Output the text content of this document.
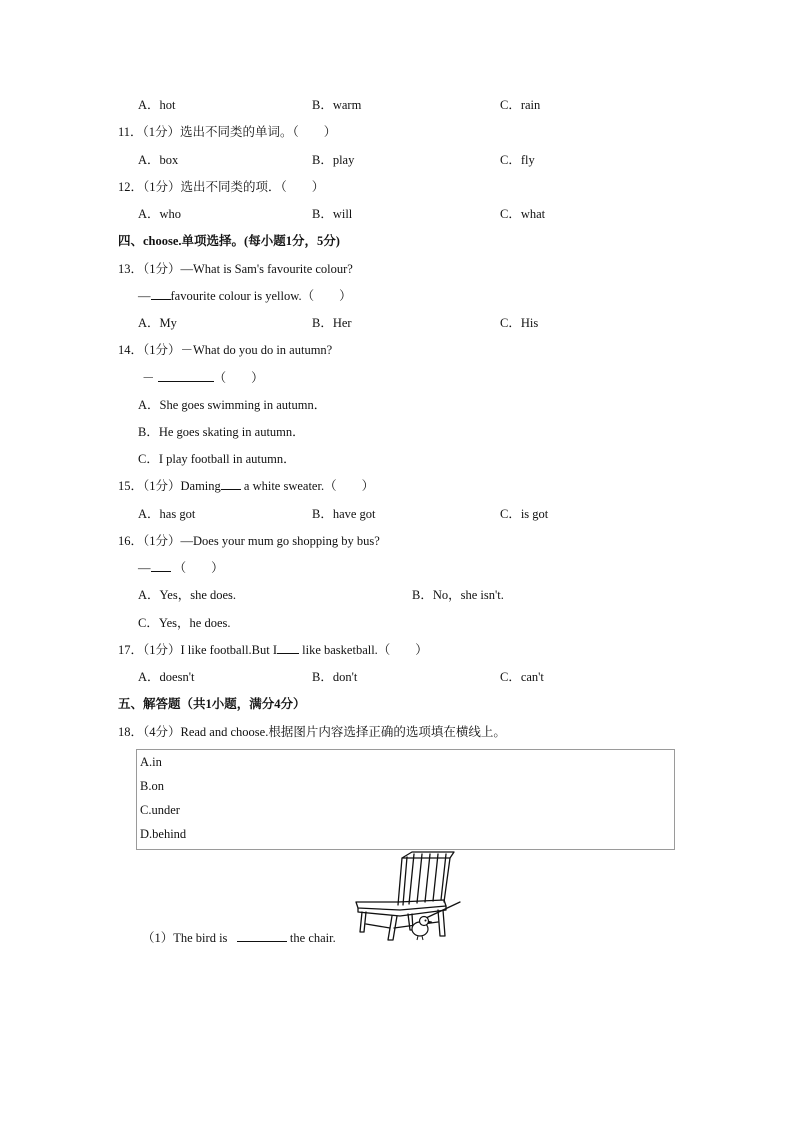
A．hot	B．warm	C．rain
11．（1分）选出不同类的单词。（　　）
A．box	B．play	C．fly
12．（1分）选出不同类的项．（　　）
A．who	B．will	C．what
四、choose.单项选择。(每小题1分，5分)
13．（1分）—What is Sam's favourite colour?
— favourite colour is yellow.（　　）
A．My	B．Her	C．His
14．（1分）－What do you do in autumn?
－	（　　）
A．She goes swimming in autumn．
B．He goes skating in autumn．
C．I play football in autumn．
15．（1分）Daming a white sweater.（　　）
A．has got	B．have got	C．is got
16．（1分）—Does your mum go shopping by bus?
— （　　）
A．Yes，she does.	B．No，she isn't.
C．Yes，he does.
17．（1分）I like football.But I like basketball.（　　）
A．doesn't	B．don't	C．can't
五、解答题（共1小题，满分4分）
18．（4分）Read and choose.根据图片内容选择正确的选项填在横线上。
A.in
B.on
C.under
D.behind
（1）The bird is	the chair.
